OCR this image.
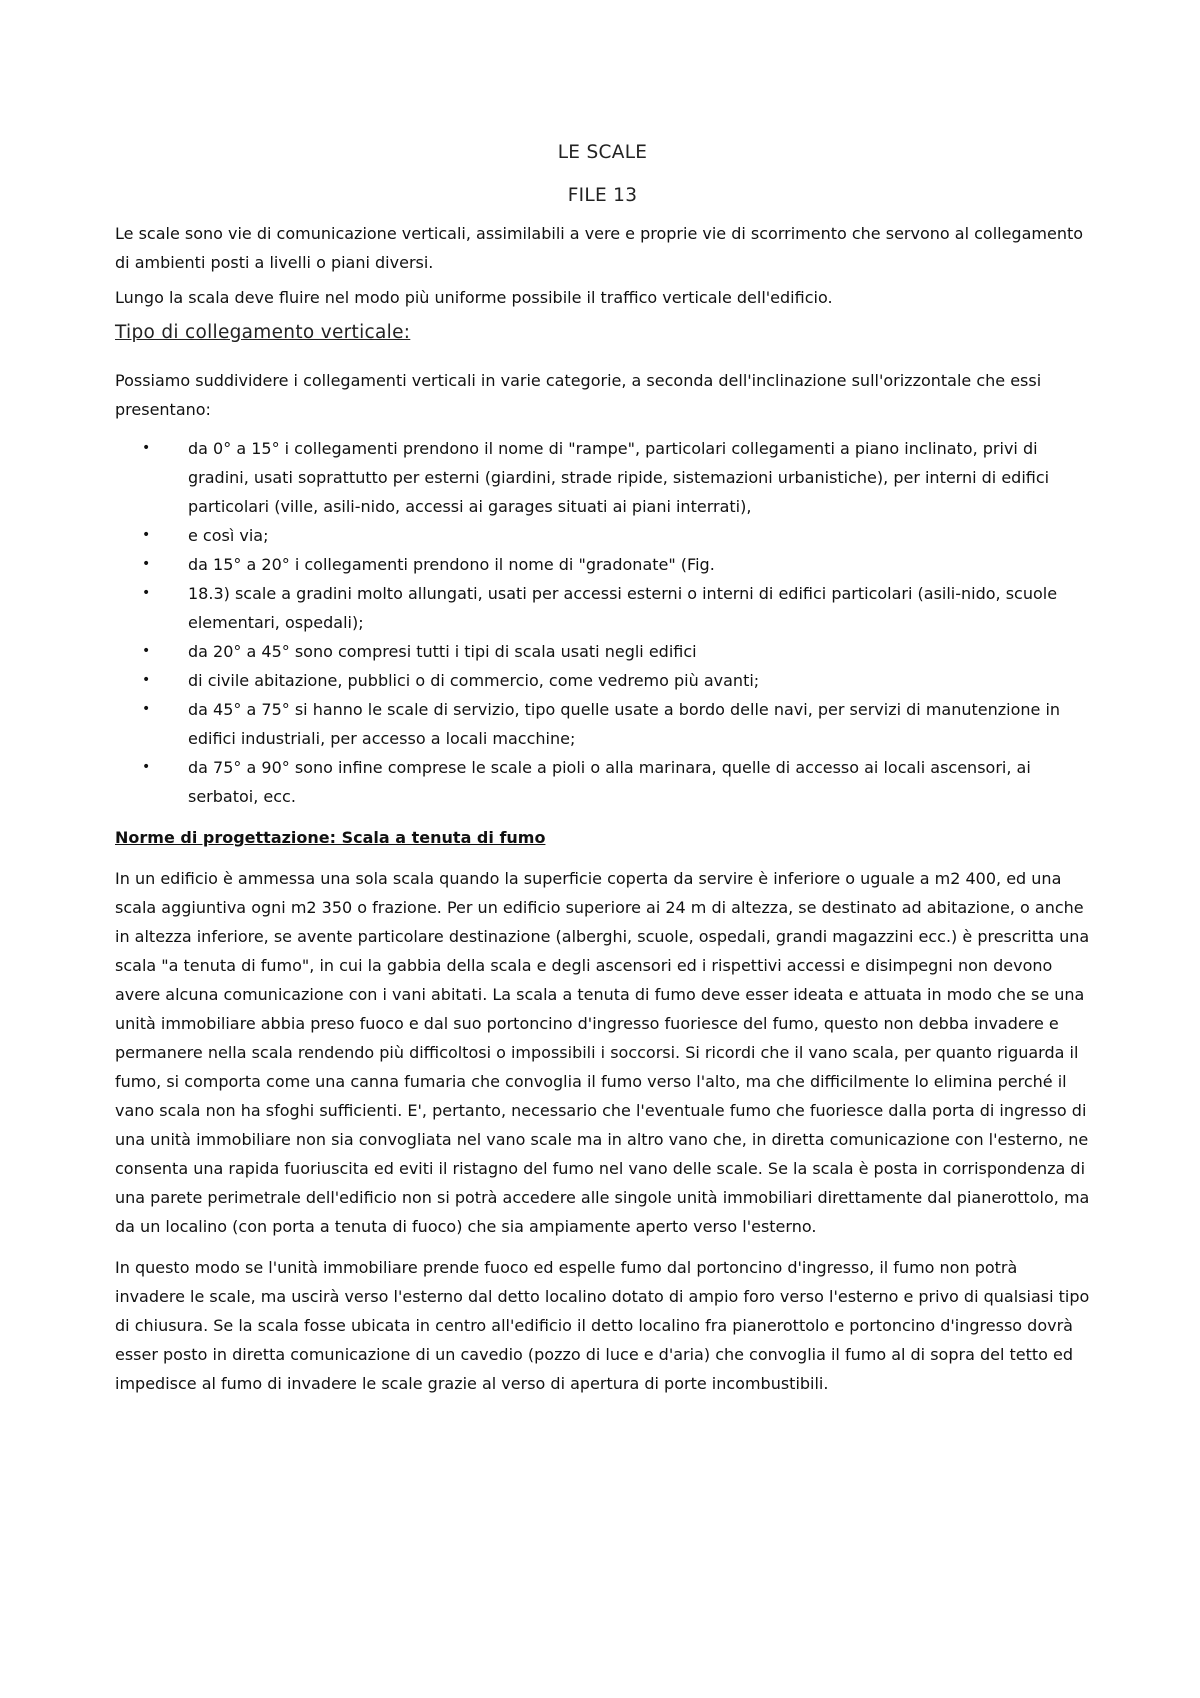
LE SCALE
FILE 13

Le scale sono vie di comunicazione verticali, assimilabili a vere e proprie vie di scorrimento che servono al collegamento di ambienti posti a livelli o piani diversi.

Lungo la scala deve fluire nel modo più uniforme possibile il traffico verticale dell'edificio.

Tipo di collegamento verticale:

Possiamo suddividere i collegamenti verticali in varie categorie, a seconda dell'inclinazione sull'orizzontale che essi presentano:

• da 0° a 15° i collegamenti prendono il nome di "rampe", particolari collegamenti a piano inclinato, privi di gradini, usati soprattutto per esterni (giardini, strade ripide, sistemazioni urbanistiche), per interni di edifici particolari (ville, asili-nido, accessi ai garages situati ai piani interrati),
• e così via;
• da 15° a 20° i collegamenti prendono il nome di "gradonate" (Fig.
• 18.3) scale a gradini molto allungati, usati per accessi esterni o interni di edifici particolari (asili-nido, scuole elementari, ospedali);
• da 20° a 45° sono compresi tutti i tipi di scala usati negli edifici
• di civile abitazione, pubblici o di commercio, come vedremo più avanti;
• da 45° a 75° si hanno le scale di servizio, tipo quelle usate a bordo delle navi, per servizi di manutenzione in edifici industriali, per accesso a locali macchine;
• da 75° a 90° sono infine comprese le scale a pioli o alla marinara, quelle di accesso ai locali ascensori, ai serbatoi, ecc.
Norme di progettazione: Scala a tenuta di fumo

In un edificio è ammessa una sola scala quando la superficie coperta da servire è inferiore o uguale a m2 400, ed una scala aggiuntiva ogni m2 350 o frazione. Per un edificio superiore ai 24 m di altezza, se destinato ad abitazione, o anche in altezza inferiore, se avente particolare destinazione (alberghi, scuole, ospedali, grandi magazzini ecc.) è prescritta una scala "a tenuta di fumo", in cui la gabbia della scala e degli ascensori ed i rispettivi accessi e disimpegni non devono avere alcuna comunicazione con i vani abitati. La scala a tenuta di fumo deve esser ideata e attuata in modo che se una unità immobiliare abbia preso fuoco e dal suo portoncino d'ingresso fuoriesce del fumo, questo non debba invadere e permanere nella scala rendendo più difficoltosi o impossibili i soccorsi. Si ricordi che il vano scala, per quanto riguarda il fumo, si comporta come una canna fumaria che convoglia il fumo verso l'alto, ma che difficilmente lo elimina perché il vano scala non ha sfoghi sufficienti. E', pertanto, necessario che l'eventuale fumo che fuoriesce dalla porta di ingresso di una unità immobiliare non sia convogliata nel vano scale ma in altro vano che, in diretta comunicazione con l'esterno, ne consenta una rapida fuoriuscita ed eviti il ristagno del fumo nel vano delle scale. Se la scala è posta in corrispondenza di una parete perimetrale dell'edificio non si potrà accedere alle singole unità immobiliari direttamente dal pianerottolo, ma da un localino (con porta a tenuta di fuoco) che sia ampiamente aperto verso l'esterno.

In questo modo se l'unità immobiliare prende fuoco ed espelle fumo dal portoncino d'ingresso, il fumo non potrà invadere le scale, ma uscirà verso l'esterno dal detto localino dotato di ampio foro verso l'esterno e privo di qualsiasi tipo di chiusura. Se la scala fosse ubicata in centro all'edificio il detto localino fra pianerottolo e portoncino d'ingresso dovrà esser posto in diretta comunicazione di un cavedio (pozzo di luce e d'aria) che convoglia il fumo al di sopra del tetto ed impedisce al fumo di invadere le scale grazie al verso di apertura di porte incombustibili.
